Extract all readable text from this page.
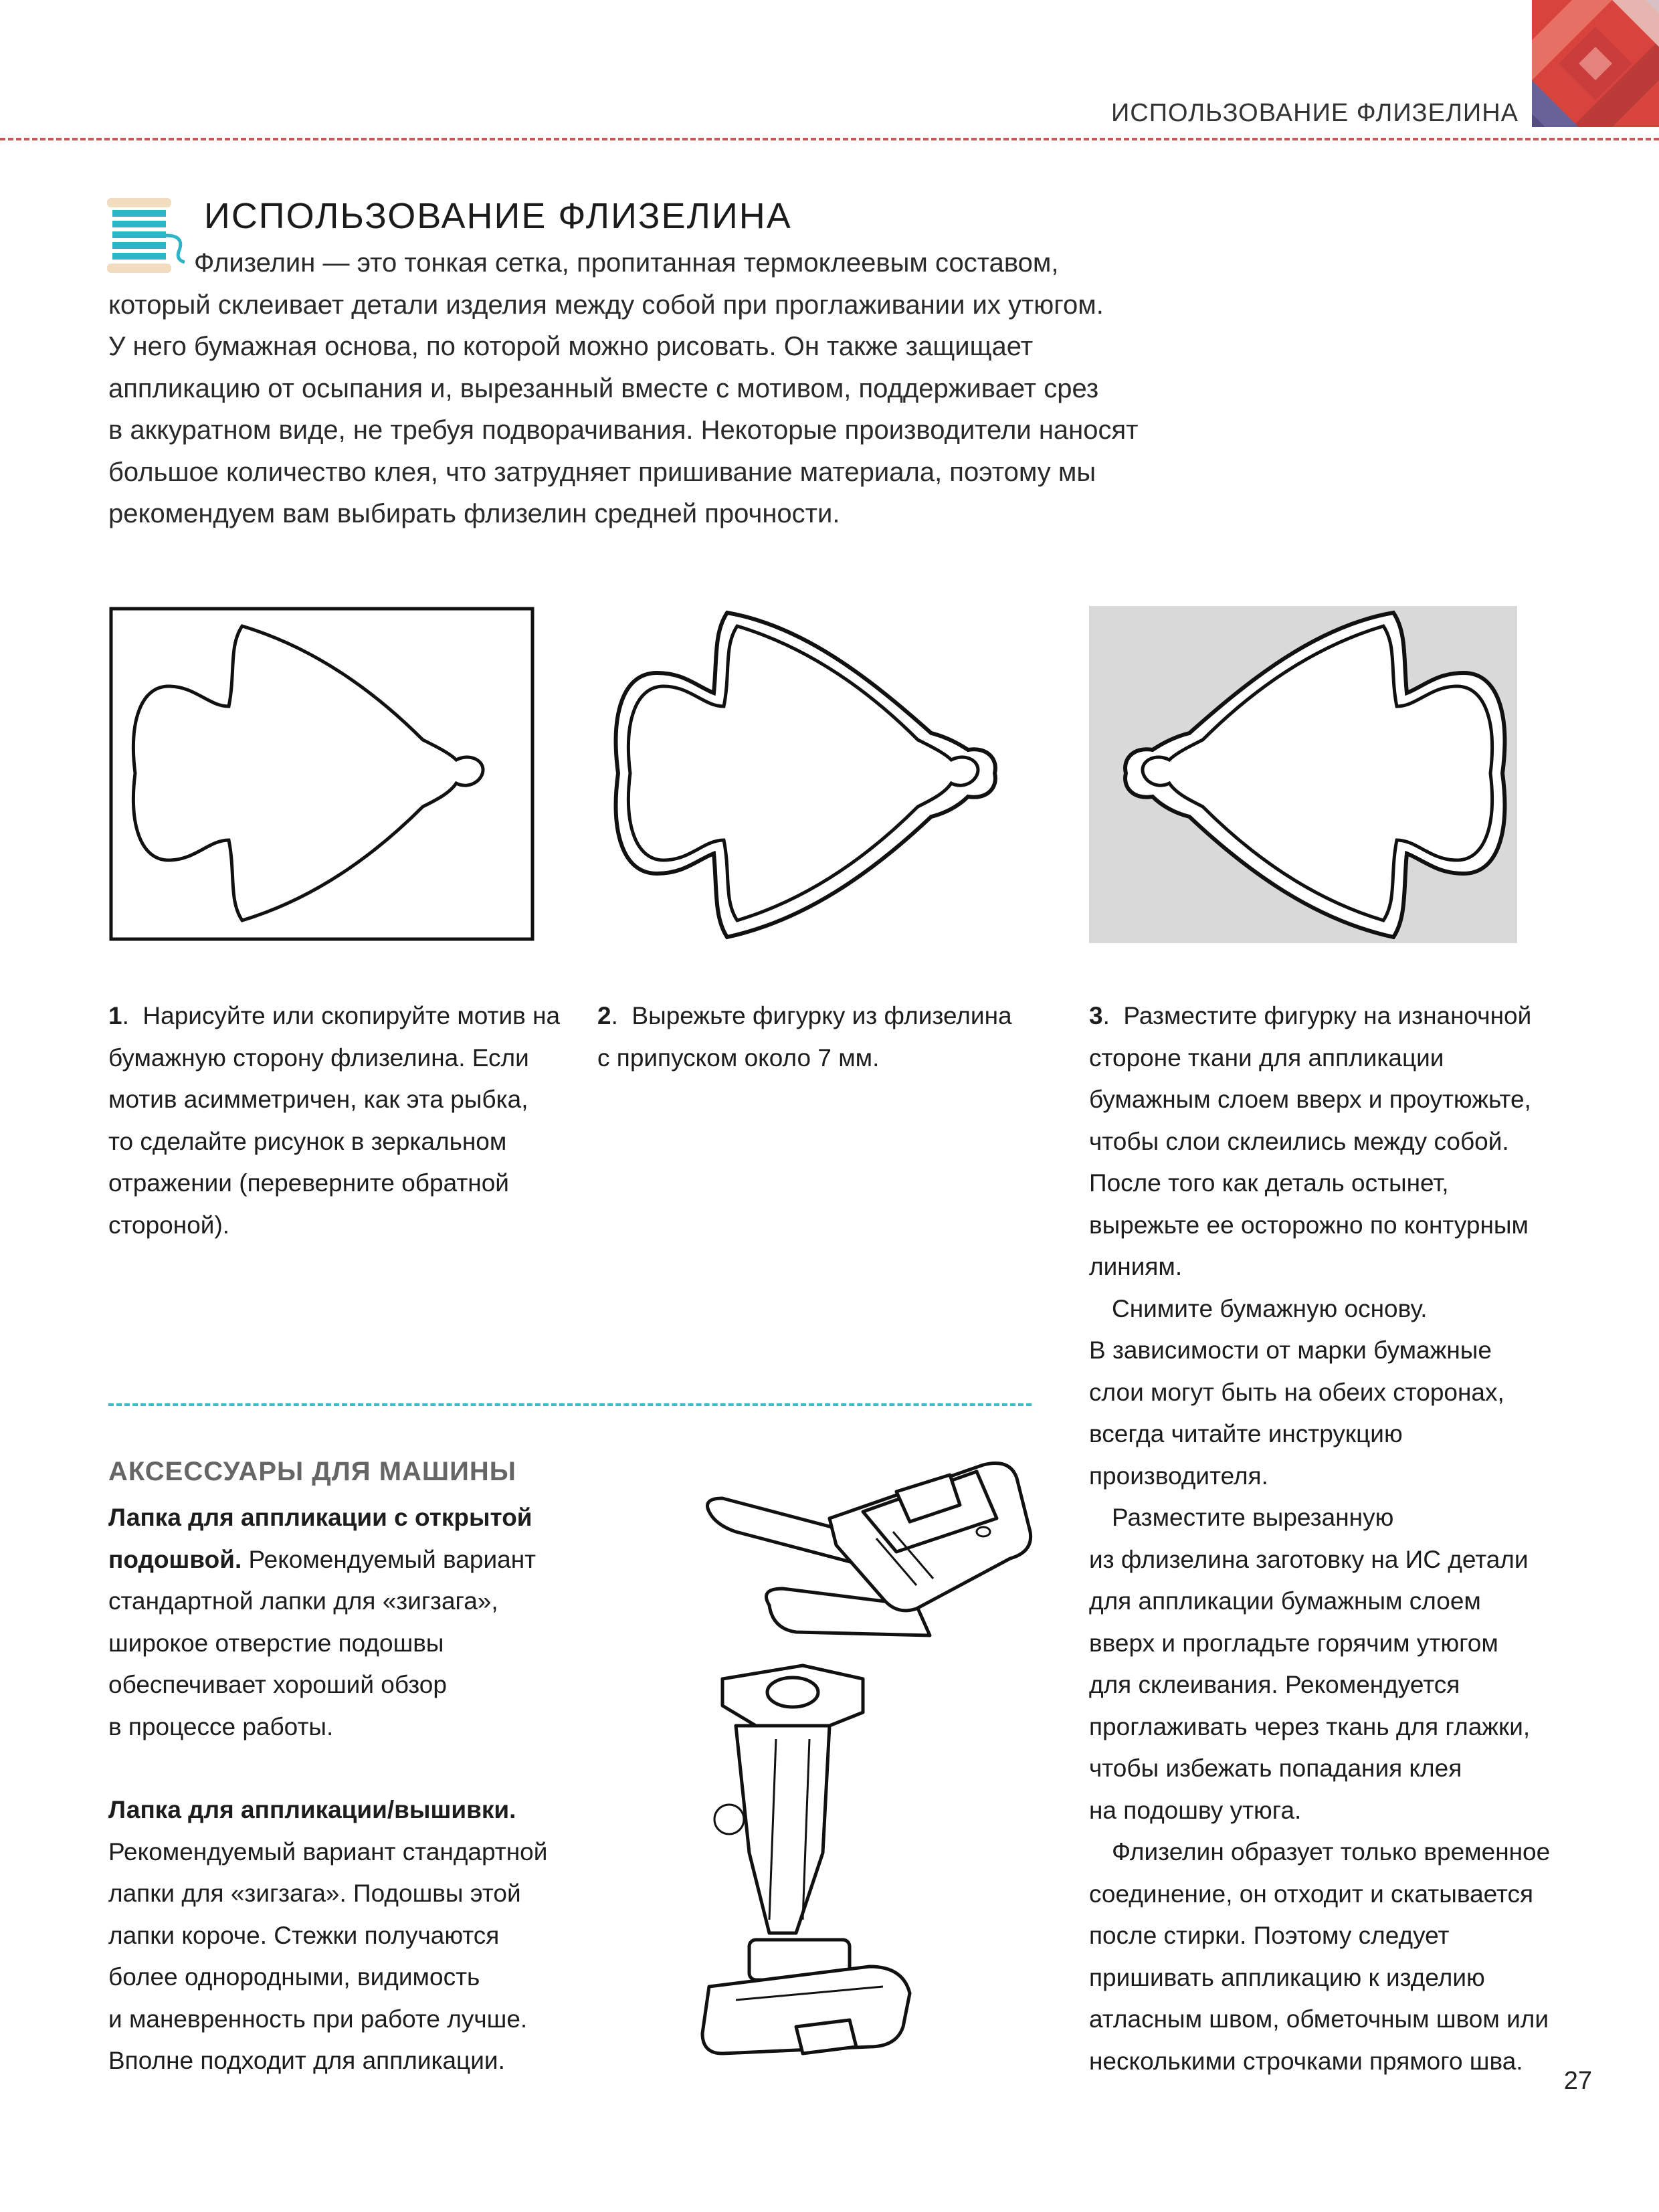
ИСПОЛЬЗОВАНИЕ ФЛИЗЕЛИНА
ИСПОЛЬЗОВАНИЕ ФЛИЗЕЛИНА

Флизелин — это тонкая сетка, пропитанная термоклеевым составом,

который склеивает детали изделия между собой при проглаживании их утюгом.
У него бумажная основа, по которой можно рисовать. Он также защищает
аппликацию от осыпания и, вырезанный вместе с мотивом, поддерживает срез
в аккуратном виде, не требуя подворачивания. Некоторые производители наносят
большое количество клея, что затрудняет пришивание материала, поэтому мы
рекомендуем вам выбирать флизелин средней прочности.

1.  Нарисуйте или скопируйте мотив на

бумажную сторону флизелина. Если

мотив асимметричен, как эта рыбка,

то сделайте рисунок в зеркальном

отражении (переверните обратной

стороной).

2.  Вырежьте фигурку из флизелина

с припуском около 7 мм.

3.  Разместите фигурку на изнаночной

стороне ткани для аппликации

бумажным слоем вверх и проутюжьте,

чтобы слои склеились между собой.

После того как деталь остынет,

вырежьте ее осторожно по контурным

линиям.

Снимите бумажную основу.

В зависимости от марки бумажные

слои могут быть на обеих сторонах,

всегда читайте инструкцию

производителя.

Разместите вырезанную

из флизелина заготовку на ИС детали

для аппликации бумажным слоем

вверх и прогладьте горячим утюгом

для склеивания. Рекомендуется

проглаживать через ткань для глажки,

чтобы избежать попадания клея

на подошву утюга.

Флизелин образует только временное

соединение, он отходит и скатывается

после стирки. Поэтому следует

пришивать аппликацию к изделию

атласным швом, обметочным швом или

несколькими строчками прямого шва.

АКСЕССУАРЫ ДЛЯ МАШИНЫ

Лапка для аппликации с открытой

подошвой. Рекомендуемый вариант

стандартной лапки для «зигзага»,

широкое отверстие подошвы

обеспечивает хороший обзор

в процессе работы.

Лапка для аппликации/вышивки.

Рекомендуемый вариант стандартной

лапки для «зигзага». Подошвы этой

лапки короче. Стежки получаются

более однородными, видимость

и маневренность при работе лучше.

Вполне подходит для аппликации.

27
